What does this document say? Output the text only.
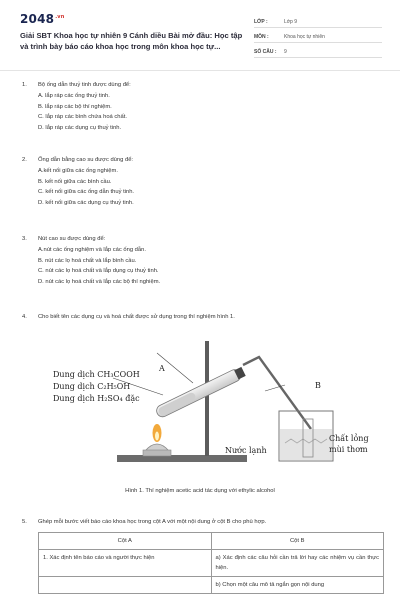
$2048^{.vn}$
Giải SBT Khoa học tự nhiên 9 Cánh diều Bài mở đầu: Học tập và trình bày báo cáo khoa học trong môn khoa học tự...
LỚP :	Lớp 9
MÔN :	Khoa học tự nhiên
SỐ CÂU : 9
1. Bộ ống dẫn thuỷ tinh được dùng để:
A. lắp ráp các ống thuỷ tinh.
B. lắp ráp các bộ thí nghiệm.
C. lắp ráp các bình chứa hoá chất.
D. lắp ráp các dụng cụ thuỷ tinh.
2. Ống dẫn bằng cao su được dùng để:
A.kết nối giữa các ống nghiệm.
B. kết nối giữa các bình cầu.
C. kết nối giữa các ống dẫn thuỷ tinh.
D. kết nối giữa các dụng cụ thuỷ tinh.
3. Nút cao su được dùng để:
A.nút các ống nghiệm và lắp các ống dẫn.
B. nút các lọ hoá chất và lắp bình cầu.
C. nút các lọ hoá chất và lắp dụng cụ thuỷ tinh.
D. nút các lọ hoá chất và lắp các bộ thí nghiệm.
4. Cho biết tên các dụng cụ và hoá chất được sử dụng trong thí nghiệm hình 1.
Dung dịch CH₃COOH
Dung dịch C₂H₅OH
Dung dịch H₂SO₄ đặc
A
B
Nước lạnh
Chất lỏng
mùi thơm
Hình 1. Thí nghiệm acetic acid tác dụng với ethylic alcohol
5. Ghép mỗi bước viết báo cáo khoa học trong cột A với một nội dung ở cột B cho phù hợp.
Cột A	Cột B
1. Xác định tên báo cáo và người thực hiện	a) Xác định các câu hỏi cần trả lời hay các nhiệm vụ cần thực hiện.
	b) Chọn một câu mô tả ngắn gọn nội dung
